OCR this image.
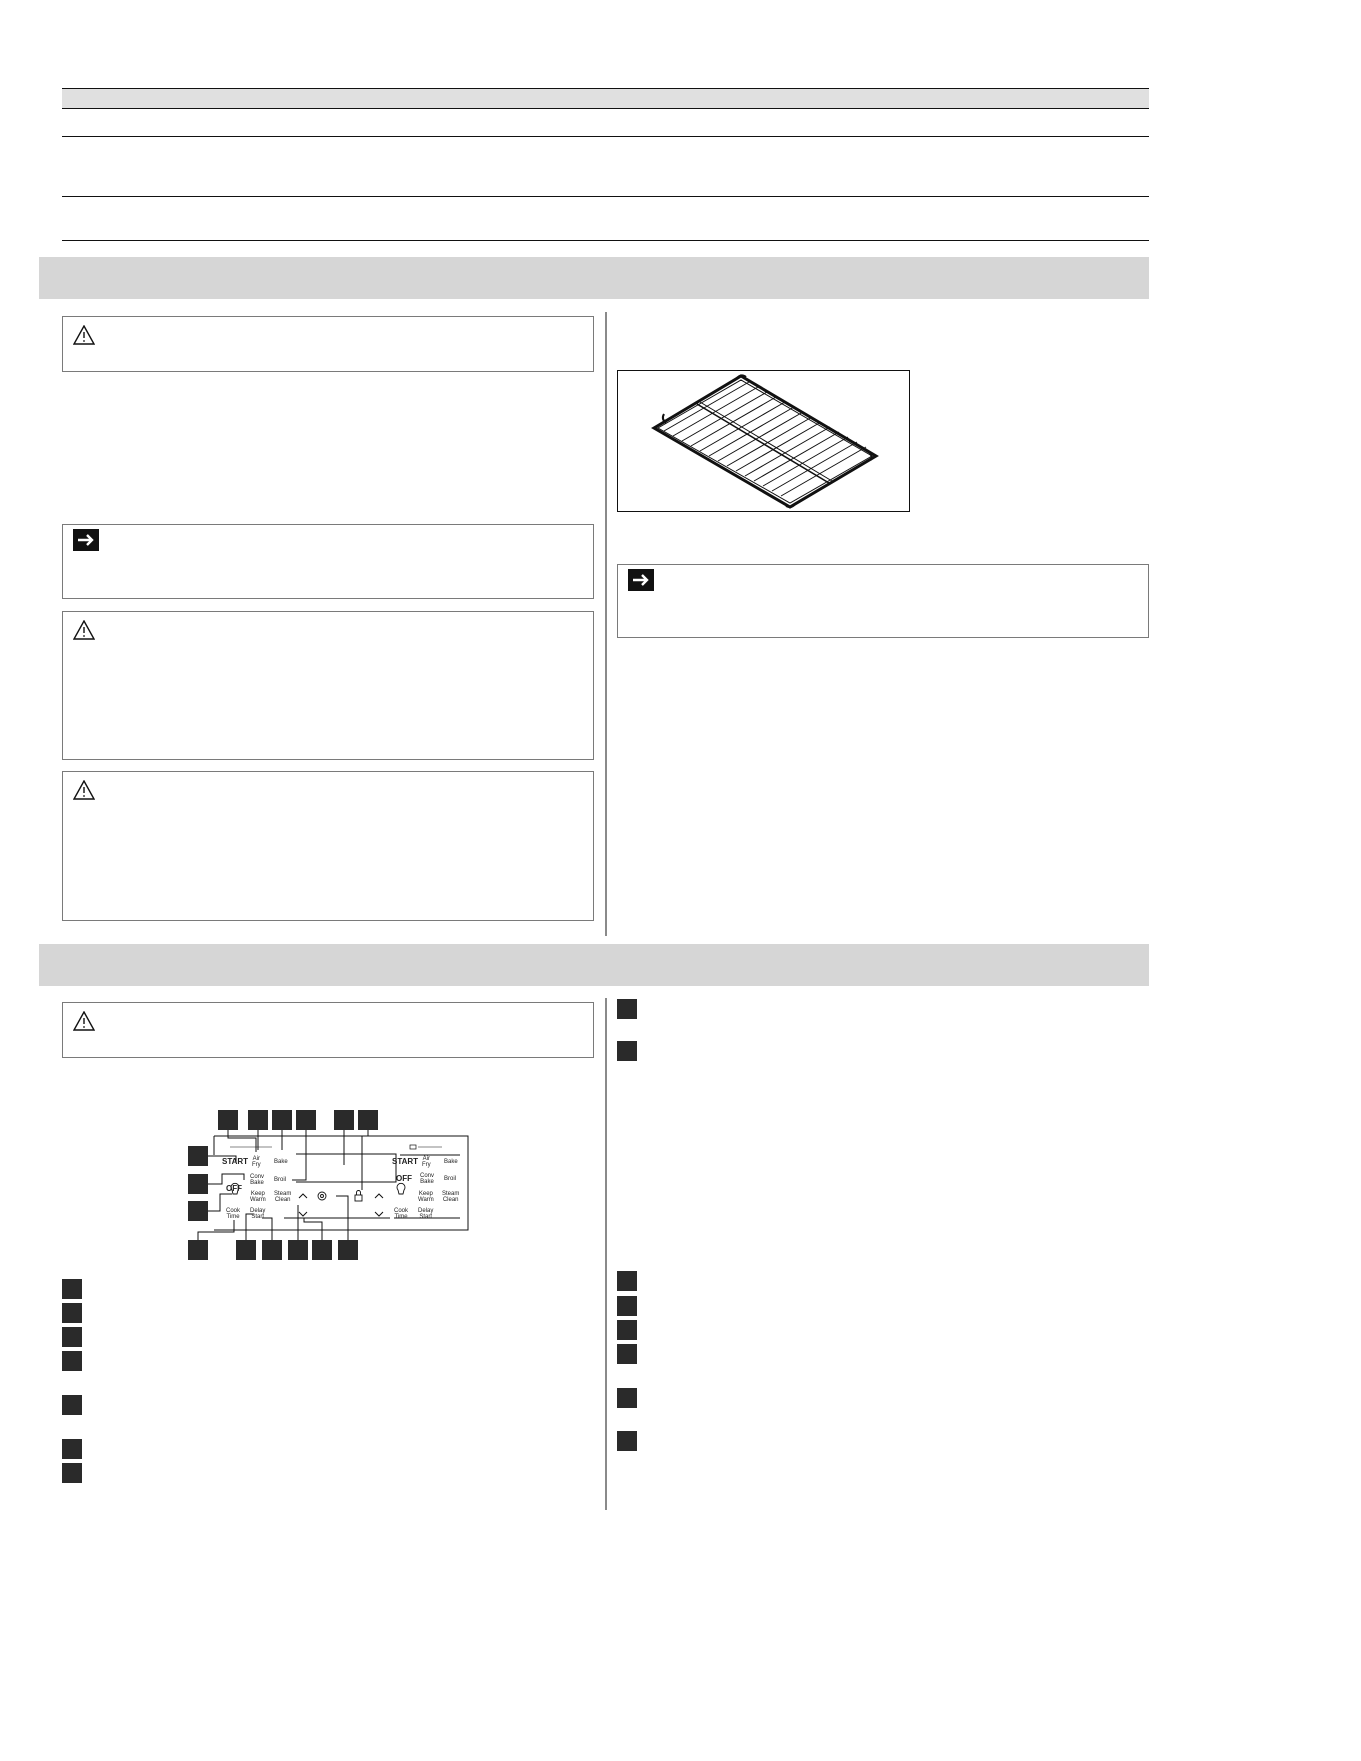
START
OFF
Air
Fry Bake
Conv
Bake Broil
Keep
Warm
Steam
Clean
Cook
Time
Delay
Start
START
OFF
Air
Fry Bake
Conv
Bake Broil
Keep
Warm
Steam
Clean
Cook
Time
Delay
Start
